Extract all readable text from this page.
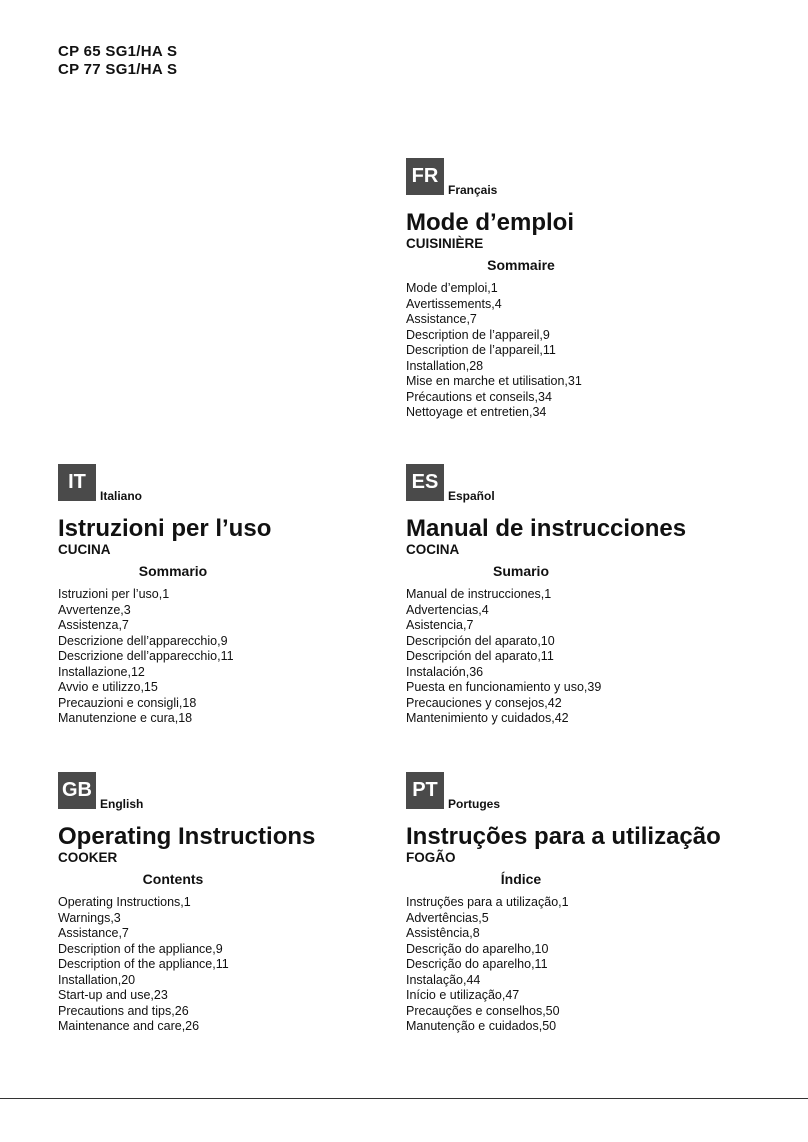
CP 65 SG1/HA S
CP 77 SG1/HA S
FR
Français
Mode d’emploi
CUISINIÈRE
Sommaire
Mode d’emploi,1
Avertissements,4
Assistance,7
Description de l’appareil,9
Description de l’appareil,11
Installation,28
Mise en marche et utilisation,31
Précautions et conseils,34
Nettoyage et entretien,34
IT
Italiano
Istruzioni per l’uso
CUCINA
Sommario
Istruzioni per l’uso,1
Avvertenze,3
Assistenza,7
Descrizione dell’apparecchio,9
Descrizione dell’apparecchio,11
Installazione,12
Avvio e utilizzo,15
Precauzioni e consigli,18
Manutenzione e cura,18
ES
Español
Manual de instrucciones
COCINA
Sumario
Manual de instrucciones,1
Advertencias,4
Asistencia,7
Descripción del aparato,10
Descripción del aparato,11
Instalación,36
Puesta en funcionamiento y uso,39
Precauciones y consejos,42
Mantenimiento y cuidados,42
GB
English
Operating Instructions
COOKER
Contents
Operating Instructions,1
Warnings,3
Assistance,7
Description of the appliance,9
Description of the appliance,11
Installation,20
Start-up and use,23
Precautions and tips,26
Maintenance and care,26
PT
Portuges
Instruções para a utilização
FOGÃO
Índice
Instruções para a utilização,1
Advertências,5
Assistência,8
Descrição do aparelho,10
Descrição do aparelho,11
Instalação,44
Início e utilização,47
Precauções e conselhos,50
Manutenção e cuidados,50
